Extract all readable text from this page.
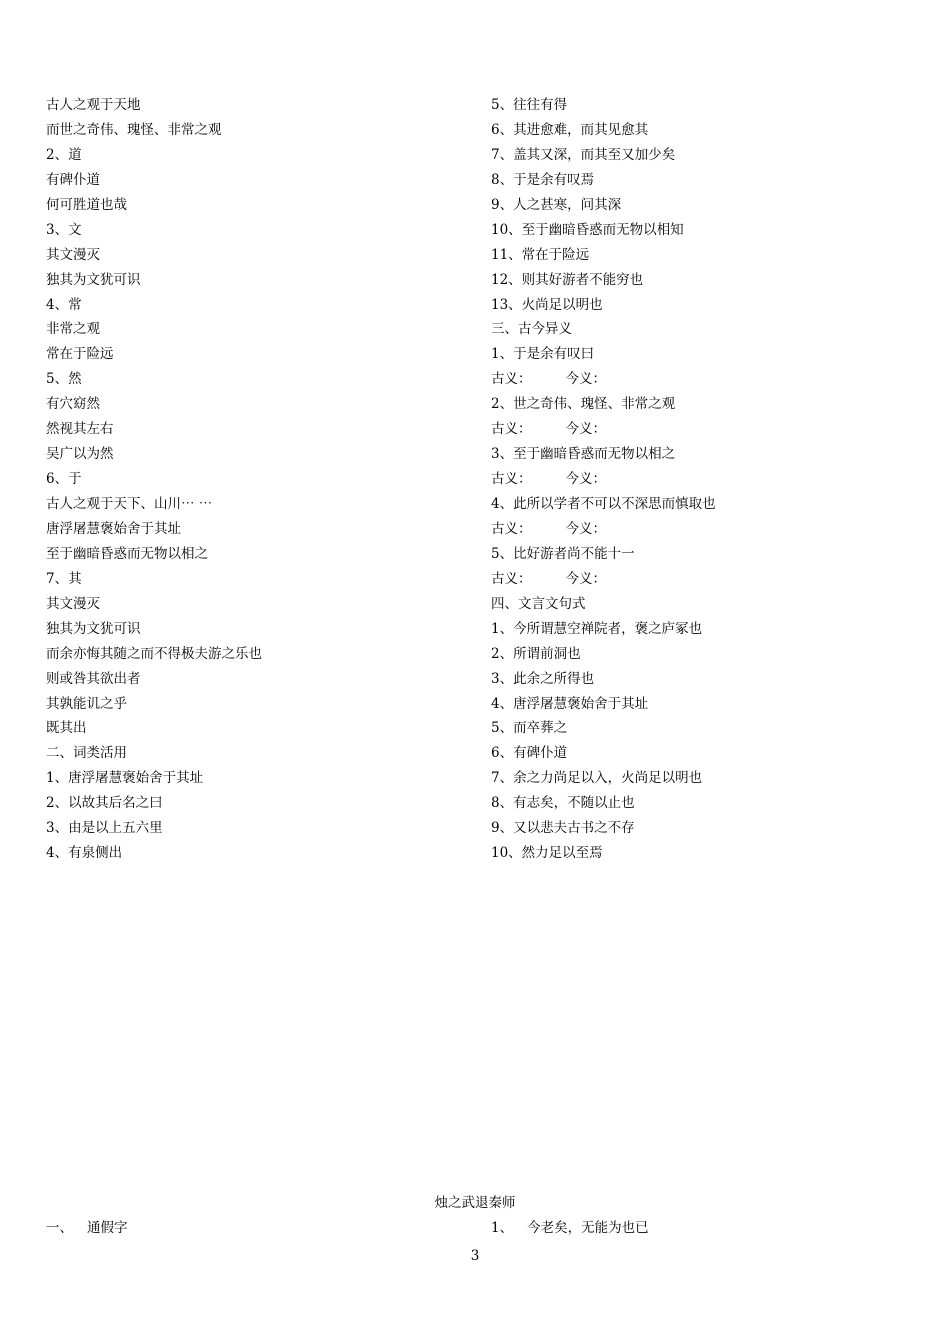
古人之观于天地
而世之奇伟、瑰怪、非常之观
2、道
有碑仆道
何可胜道也哉
3、文
其文漫灭
独其为文犹可识
4、常
非常之观
常在于险远
5、然
有穴窈然
然视其左右
吴广以为然
6、于
古人之观于天下、山川⋯ ⋯
唐浮屠慧褒始舍于其址
至于幽暗昏惑而无物以相之
7、其
其文漫灭
独其为文犹可识
而余亦悔其随之而不得极夫游之乐也
则或咎其欲出者
其孰能讥之乎
既其出
二、词类活用
1、唐浮屠慧褒始舍于其址
2、以故其后名之曰
3、由是以上五六里
4、有泉侧出
5、往往有得
6、其进愈难，而其见愈其
7、盖其又深，而其至又加少矣
8、于是余有叹焉
9、人之甚寒，问其深
10、至于幽暗昏惑而无物以相知
11、常在于险远
12、则其好游者不能穷也
13、火尚足以明也
三、古今异义
1、于是余有叹曰
古义：	今义：
2、世之奇伟、瑰怪、非常之观
古义：	今义：
3、至于幽暗昏惑而无物以相之
古义：	今义：
4、此所以学者不可以不深思而慎取也
古义：	今义：
5、比好游者尚不能十一
古义：	今义：
四、文言文句式
1、今所谓慧空禅院者，褒之庐冢也
2、所谓前洞也
3、此余之所得也
4、唐浮屠慧褒始舍于其址
5、而卒葬之
6、有碑仆道
7、余之力尚足以入，火尚足以明也
8、有志矣，不随以止也
9、又以悲夫古书之不存
10、然力足以至焉
烛之武退秦师
一、 通假字	1、 今老矣，无能为也已
3
